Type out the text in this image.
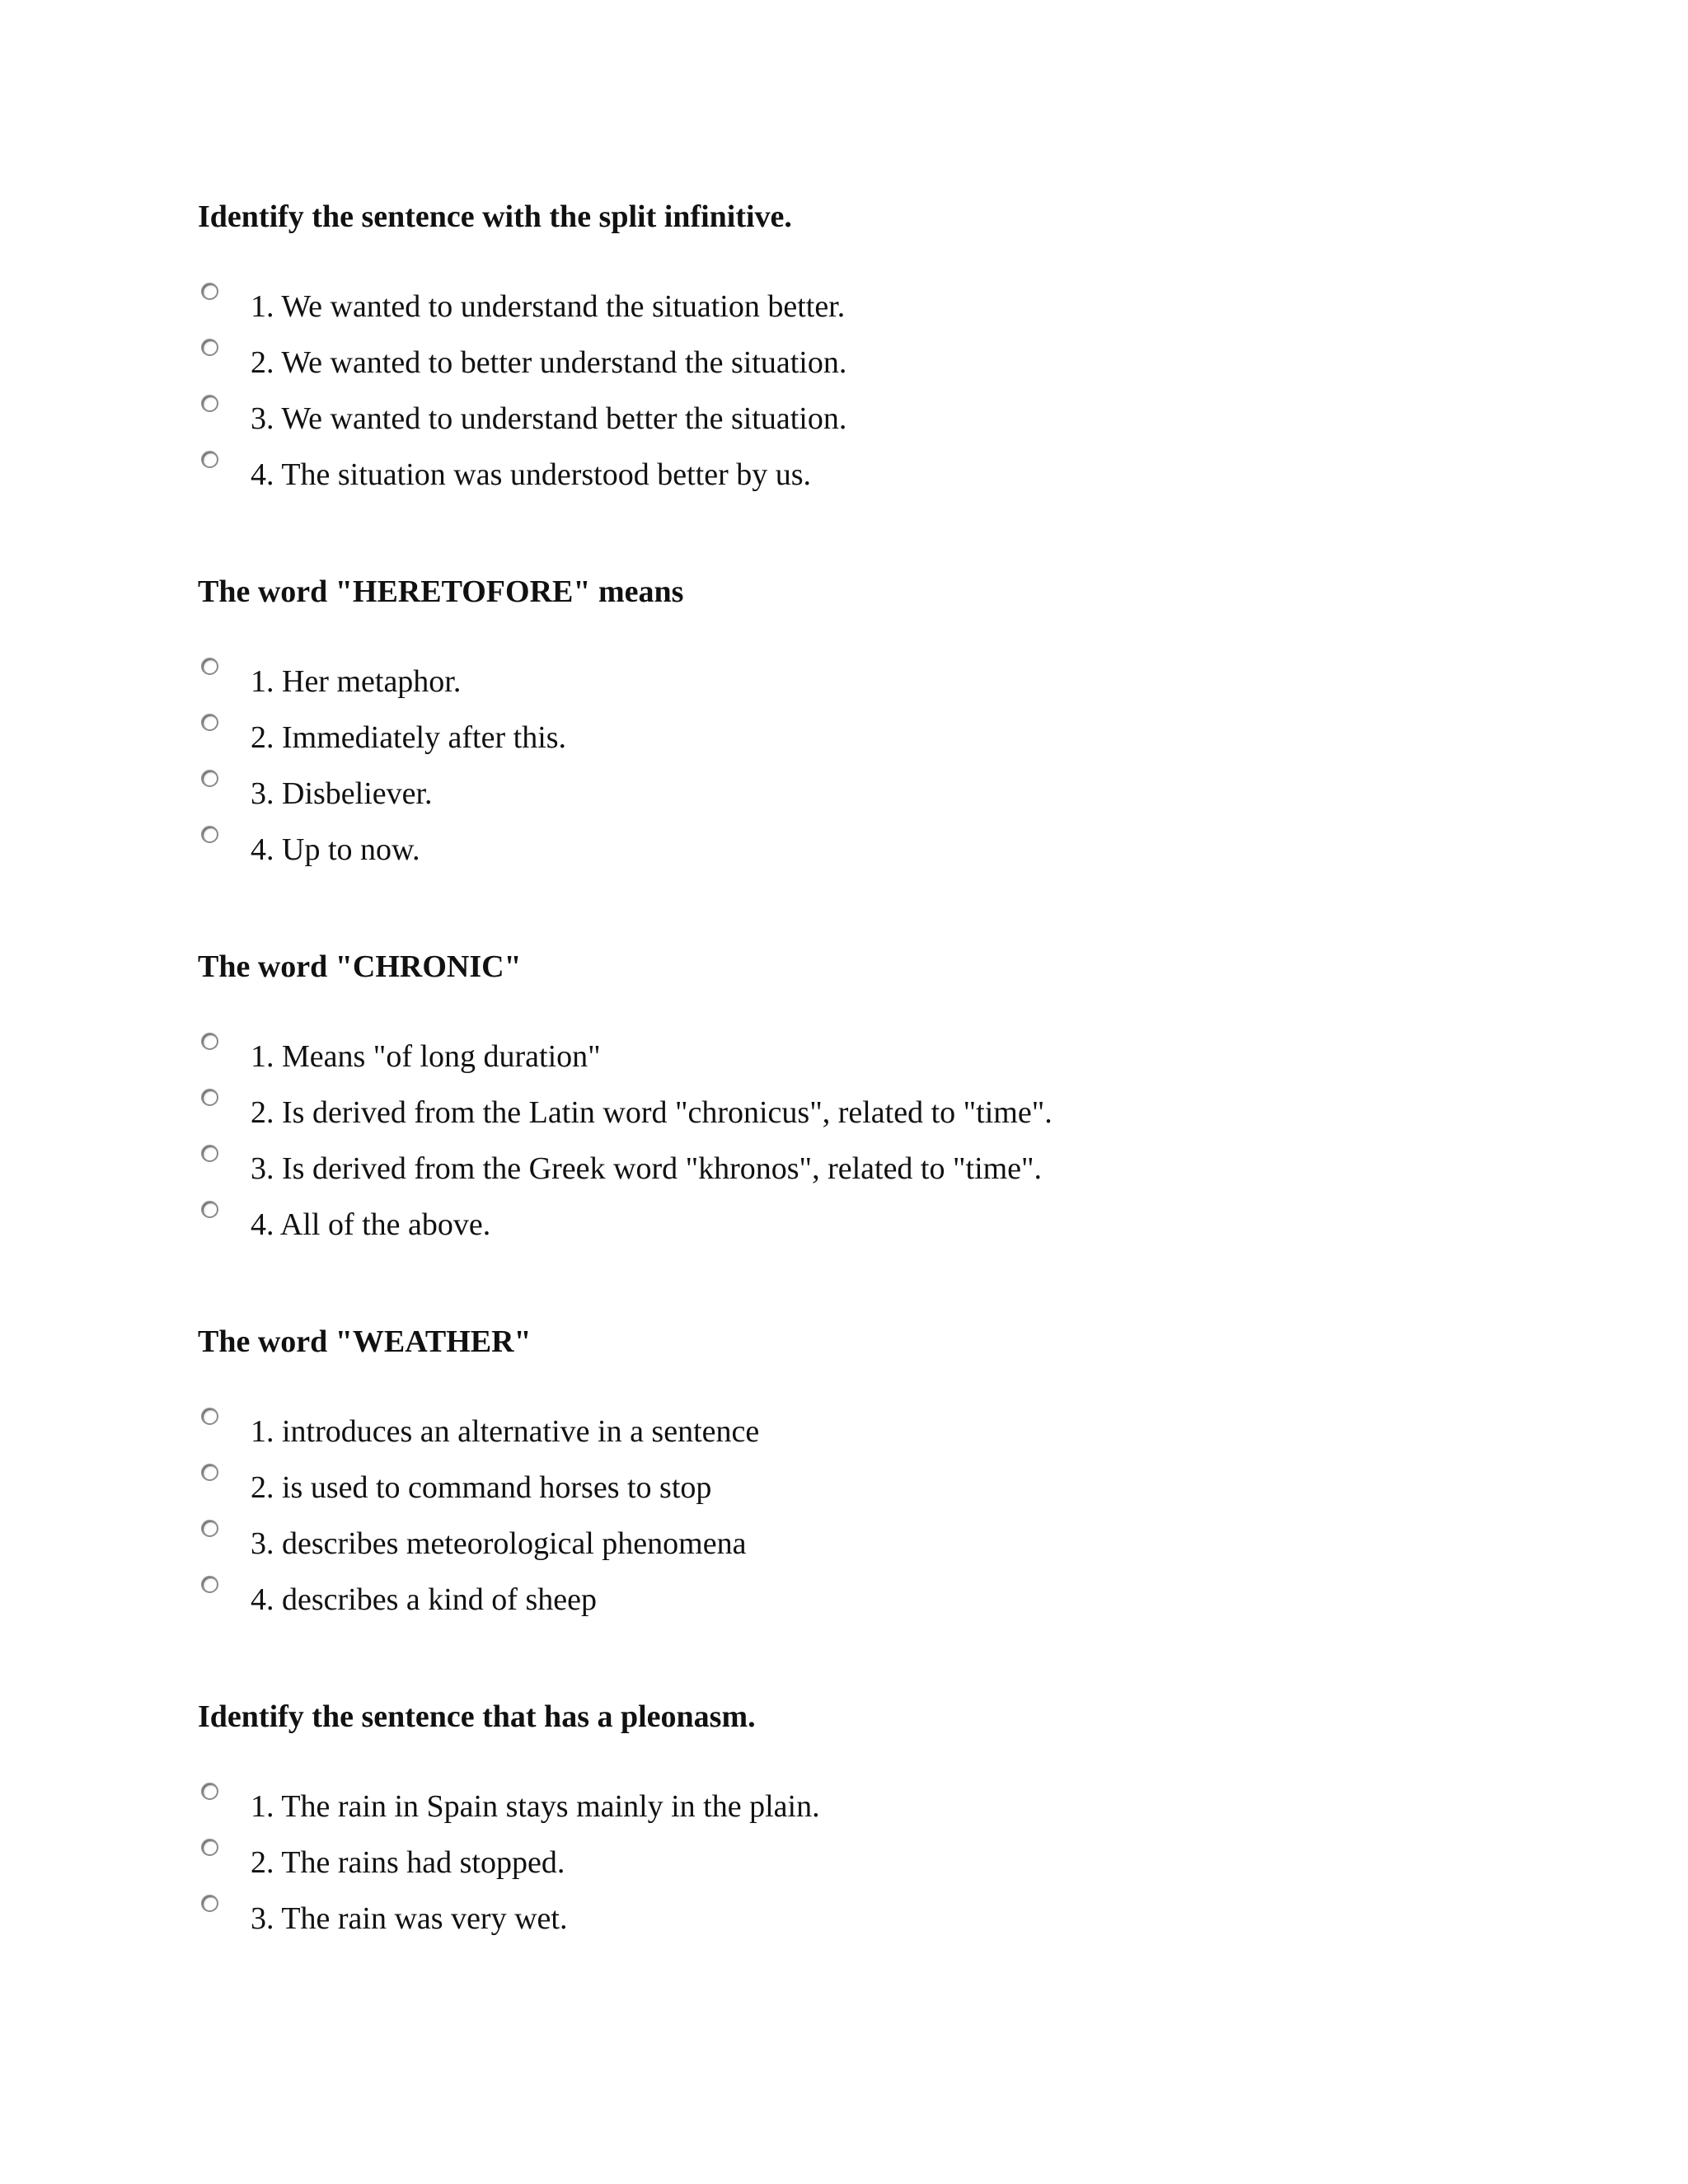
Identify the sentence with the split infinitive.
1. We wanted to understand the situation better.
2. We wanted to better understand the situation.
3. We wanted to understand better the situation.
4. The situation was understood better by us.
The word "HERETOFORE" means
1. Her metaphor.
2. Immediately after this.
3. Disbeliever.
4. Up to now.
The word "CHRONIC"
1. Means "of long duration"
2. Is derived from the Latin word "chronicus", related to "time".
3. Is derived from the Greek word "khronos", related to "time".
4. All of the above.
The word "WEATHER"
1. introduces an alternative in a sentence
2. is used to command horses to stop
3. describes meteorological phenomena
4. describes a kind of sheep
Identify the sentence that has a pleonasm.
1. The rain in Spain stays mainly in the plain.
2. The rains had stopped.
3. The rain was very wet.
